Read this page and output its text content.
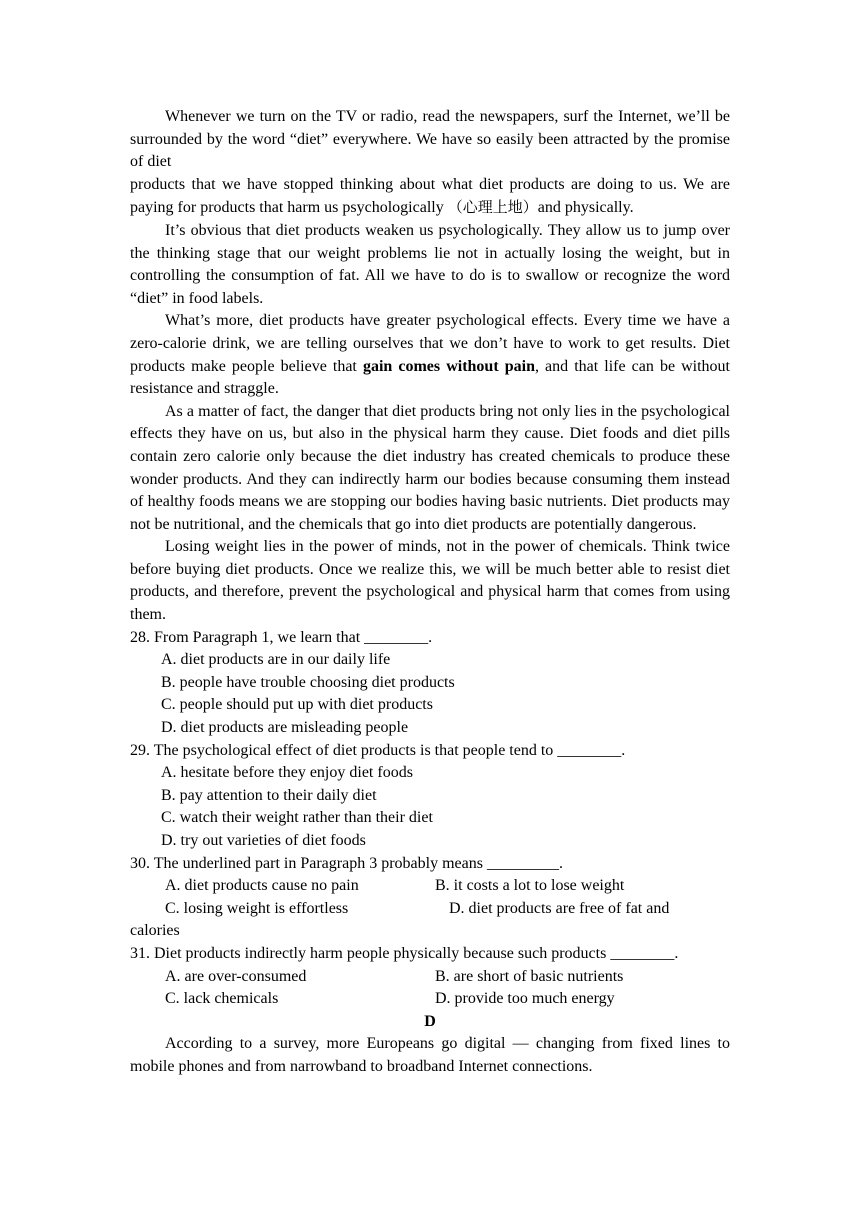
Whenever we turn on the TV or radio, read the newspapers, surf the Internet, we’ll be surrounded by the word “diet” everywhere. We have so easily been attracted by the promise of diet

products that we have stopped thinking about what diet products are doing to us. We are paying for products that harm us psychologically （心理上地）and physically.

It’s obvious that diet products weaken us psychologically. They allow us to jump over the thinking stage that our weight problems lie not in actually losing the weight, but in controlling the consumption of fat. All we have to do is to swallow or recognize the word “diet” in food labels.

What’s more, diet products have greater psychological effects. Every time we have a zero-calorie drink, we are telling ourselves that we don’t have to work to get results. Diet products make people believe that gain comes without pain, and that life can be without resistance and straggle.

As a matter of fact, the danger that diet products bring not only lies in the psychological effects they have on us, but also in the physical harm they cause. Diet foods and diet pills contain zero calorie only because the diet industry has created chemicals to produce these wonder products. And they can indirectly harm our bodies because consuming them instead of healthy foods means we are stopping our bodies having basic nutrients. Diet products may not be nutritional, and the chemicals that go into diet products are potentially dangerous.

Losing weight lies in the power of minds, not in the power of chemicals. Think twice before buying diet products. Once we realize this, we will be much better able to resist diet products, and therefore, prevent the psychological and physical harm that comes from using them.

28. From Paragraph 1, we learn that ________.

A. diet products are in our daily life

B. people have trouble choosing diet products

C. people should put up with diet products

D. diet products are misleading people

29. The psychological effect of diet products is that people tend to ________.

A. hesitate before they enjoy diet foods

B. pay attention to their daily diet

C. watch their weight rather than their diet

D. try out varieties of diet foods

30. The underlined part in Paragraph 3 probably means _________.

A. diet products cause no pain	B. it costs a lot to lose weight
C. losing weight is effortless	D. diet products are free of fat and

calories

31. Diet products indirectly harm people physically because such products ________.

A. are over-consumed	B. are short of basic nutrients
C. lack chemicals	D. provide too much energy

D

According to a survey, more Europeans go digital — changing from fixed lines to mobile phones and from narrowband to broadband Internet connections.
